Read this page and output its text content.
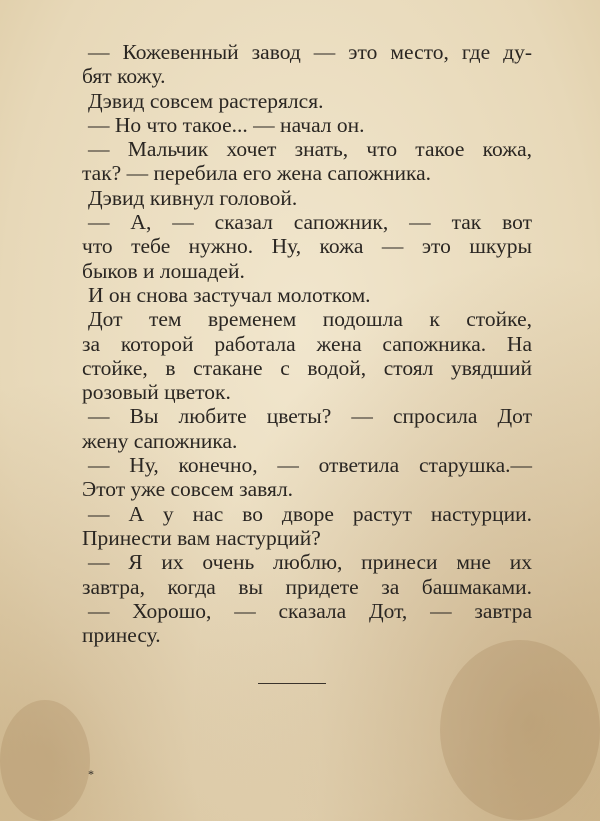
— Кожевенный завод — это место, где ду-
бят кожу.
Дэвид совсем растерялся.
— Но что такое... — начал он.
— Мальчик хочет знать, что такое кожа,
так? — перебила его жена сапожника.
Дэвид кивнул головой.
— А, — сказал сапожник, — так вот
что тебе нужно. Ну, кожа — это шкуры
быков и лошадей.
И он снова застучал молотком.
Дот тем временем подошла к стойке,
за которой работала жена сапожника. На
стойке, в стакане с водой, стоял увядший
розовый цветок.
— Вы любите цветы? — спросила Дот
жену сапожника.
— Ну, конечно, — ответила старушка.—
Этот уже совсем завял.
— А у нас во дворе растут настурции.
Принести вам настурций?
— Я их очень люблю, принеси мне их
завтра, когда вы придете за башмаками.
— Хорошо, — сказала Дот, — завтра
принесу.
*
